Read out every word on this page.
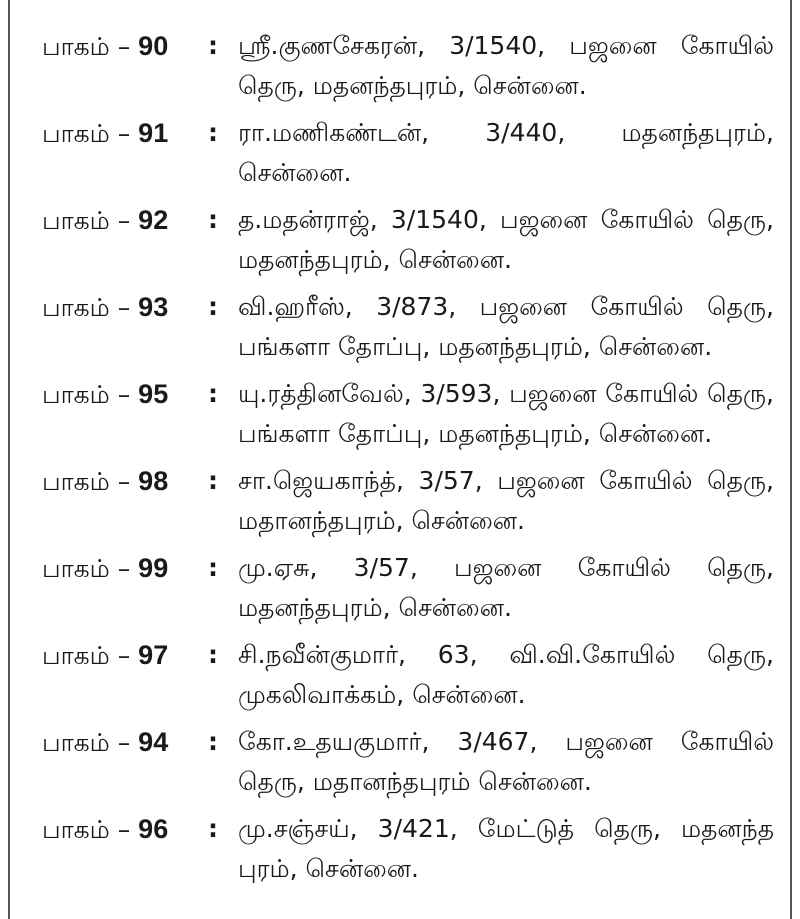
பாகம் – 90	: ஸ்ரீ.குணசேகரன், 3/1540, பஜனை கோயில் தெரு, மதனந்தபுரம், சென்னை.
பாகம் – 91	: ரா.மணிகண்டன், 3/440, மதனந்தபுரம், சென்னை.
பாகம் – 92	: த.மதன்ராஜ், 3/1540, பஜனை கோயில் தெரு, மதனந்தபுரம், சென்னை.
பாகம் – 93	: வி.ஹரீஸ், 3/873, பஜனை கோயில் தெரு, பங்களா தோப்பு, மதனந்தபுரம், சென்னை.
பாகம் – 95	: யு.ரத்தினவேல், 3/593, பஜனை கோயில் தெரு, பங்களா தோப்பு, மதனந்தபுரம், சென்னை.
பாகம் – 98	: சா.ஜெயகாந்த், 3/57, பஜனை கோயில் தெரு, மதானந்தபுரம், சென்னை.
பாகம் – 99	: மு.ஏசு, 3/57, பஜனை கோயில் தெரு, மதனந்தபுரம், சென்னை.
பாகம் – 97	: சி.நவீன்குமார், 63, வி.வி.கோயில் தெரு, முகலிவாக்கம், சென்னை.
பாகம் – 94	: கோ.உதயகுமார், 3/467, பஜனை கோயில் தெரு, மதானந்தபுரம் சென்னை.
பாகம் – 96	: மு.சஞ்சய், 3/421, மேட்டுத் தெரு, மதனந்த புரம், சென்னை.
